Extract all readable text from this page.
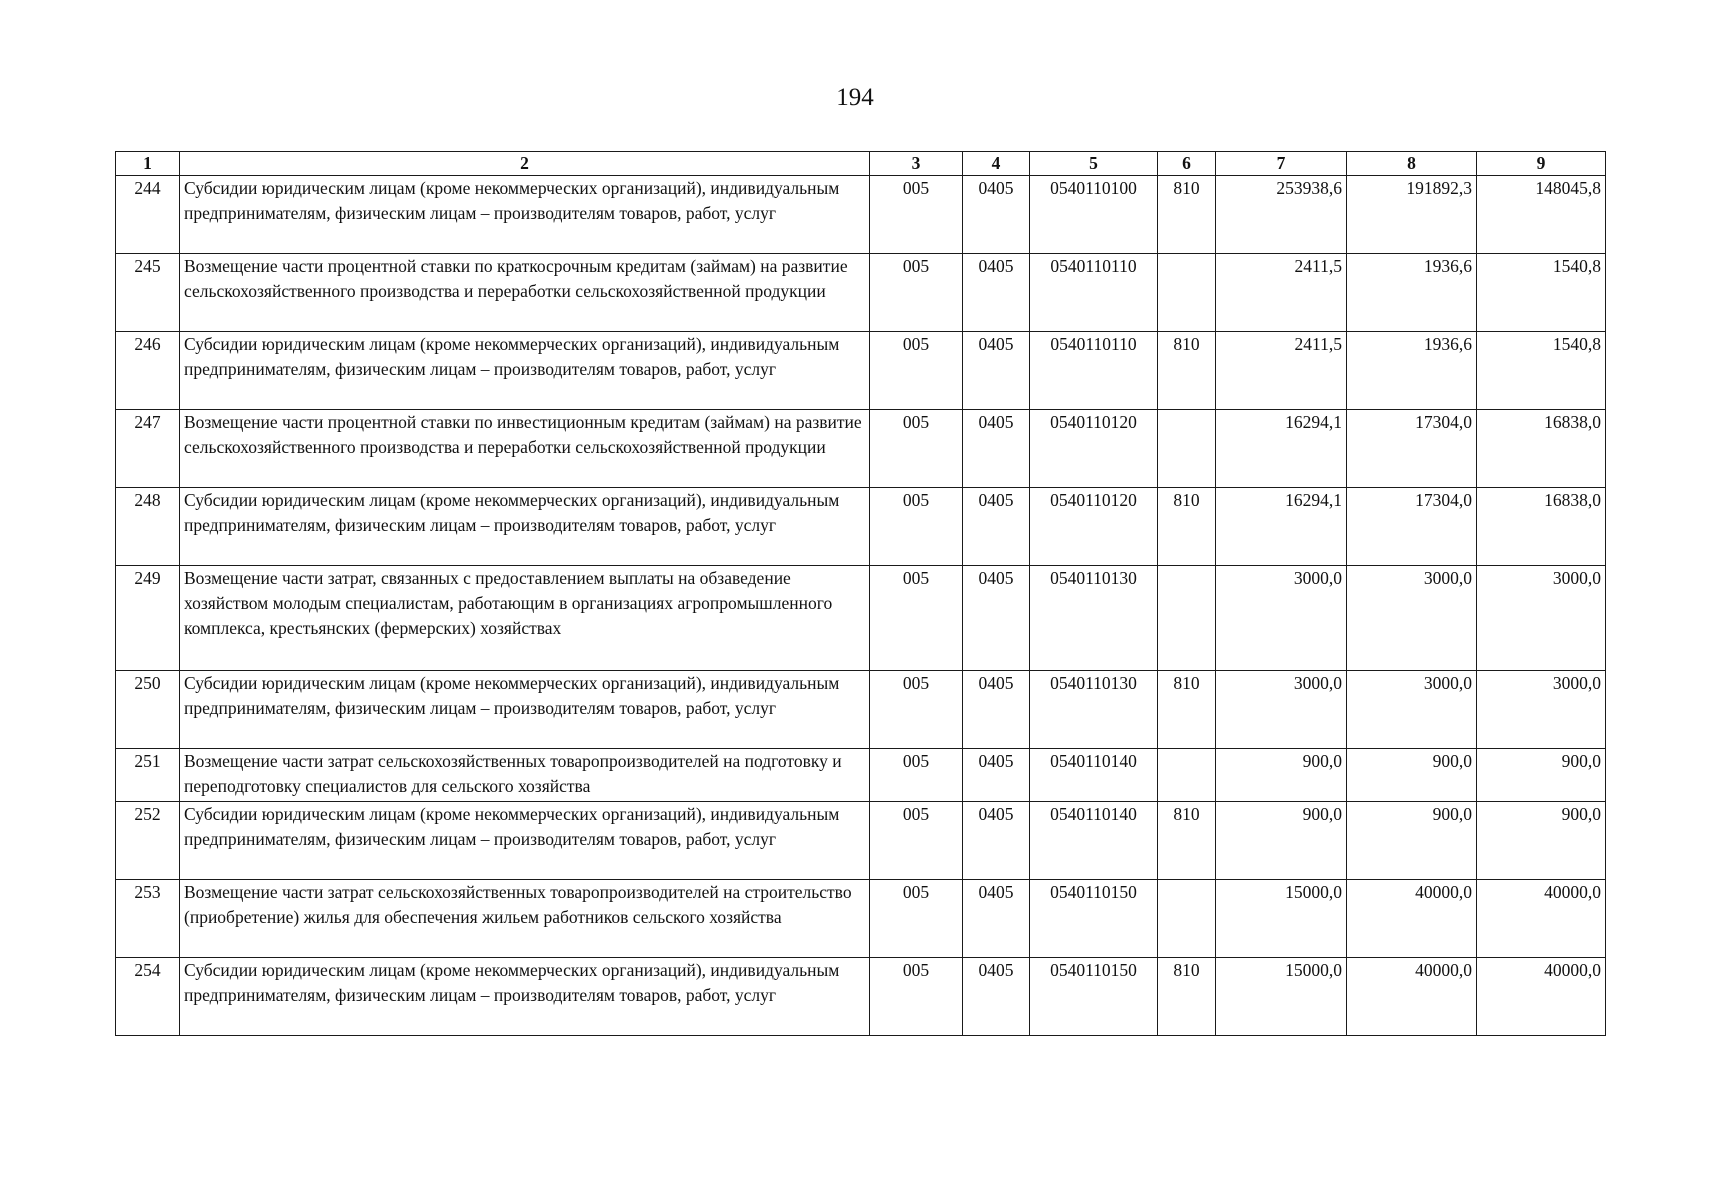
194
1	2	3	4	5	6	7	8	9
244	Субсидии юридическим лицам (кроме некоммерческих организаций), индивидуальным предпринимателям, физическим лицам – производителям товаров, работ, услуг	005	0405	0540110100	810	253938,6	191892,3	148045,8
245	Возмещение части процентной ставки по краткосрочным кредитам (займам) на развитие сельскохозяйственного производства и переработки сельскохозяйственной продукции	005	0405	0540110110		2411,5	1936,6	1540,8
246	Субсидии юридическим лицам (кроме некоммерческих организаций), индивидуальным предпринимателям, физическим лицам – производителям товаров, работ, услуг	005	0405	0540110110	810	2411,5	1936,6	1540,8
247	Возмещение части процентной ставки по инвестиционным кредитам (займам) на развитие сельскохозяйственного производства и переработки сельскохозяйственной продукции	005	0405	0540110120		16294,1	17304,0	16838,0
248	Субсидии юридическим лицам (кроме некоммерческих организаций), индивидуальным предпринимателям, физическим лицам – производителям товаров, работ, услуг	005	0405	0540110120	810	16294,1	17304,0	16838,0
249	Возмещение части затрат, связанных с предоставлением выплаты на обзаведение хозяйством молодым специалистам, работающим в организациях агропромышленного комплекса, крестьянских (фермерских) хозяйствах	005	0405	0540110130		3000,0	3000,0	3000,0
250	Субсидии юридическим лицам (кроме некоммерческих организаций), индивидуальным предпринимателям, физическим лицам – производителям товаров, работ, услуг	005	0405	0540110130	810	3000,0	3000,0	3000,0
251	Возмещение части затрат сельскохозяйственных товаропроизводителей на подготовку и переподготовку специалистов для сельского хозяйства	005	0405	0540110140		900,0	900,0	900,0
252	Субсидии юридическим лицам (кроме некоммерческих организаций), индивидуальным предпринимателям, физическим лицам – производителям товаров, работ, услуг	005	0405	0540110140	810	900,0	900,0	900,0
253	Возмещение части затрат сельскохозяйственных товаропроизводителей на строительство (приобретение) жилья для обеспечения жильем работников сельского хозяйства	005	0405	0540110150		15000,0	40000,0	40000,0
254	Субсидии юридическим лицам (кроме некоммерческих организаций), индивидуальным предпринимателям, физическим лицам – производителям товаров, работ, услуг	005	0405	0540110150	810	15000,0	40000,0	40000,0
